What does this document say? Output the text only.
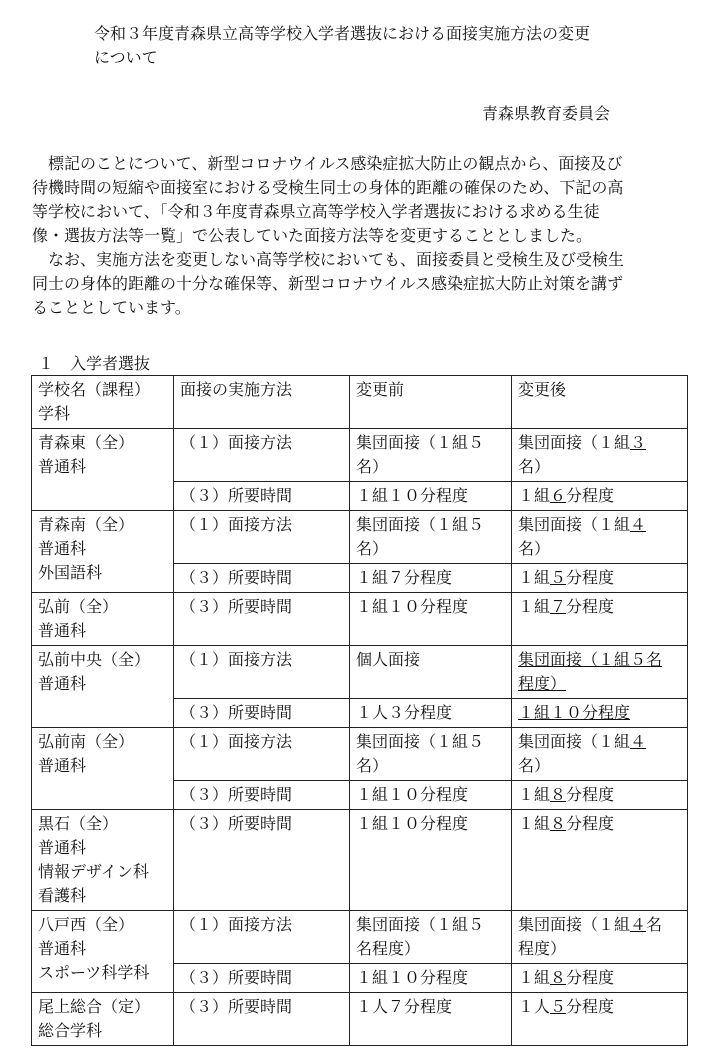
令和３年度青森県立高等学校入学者選抜における面接実施方法の変更
について
青森県教育委員会
　標記のことについて、新型コロナウイルス感染症拡大防止の観点から、面接及び
待機時間の短縮や面接室における受検生同士の身体的距離の確保のため、下記の高
等学校において、「令和３年度青森県立高等学校入学者選抜における求める生徒
像・選抜方法等一覧」で公表していた面接方法等を変更することとしました。
　なお、実施方法を変更しない高等学校においても、面接委員と受検生及び受検生
同士の身体的距離の十分な確保等、新型コロナウイルス感染症拡大防止対策を講ず
ることとしています。
１　入学者選抜
学校名（課程）
学科	面接の実施方法	変更前	変更後

青森東（全）
普通科	（１）面接方法	集団面接（１組５
名）	集団面接（１組３
名）

	（３）所要時間	１組１０分程度	１組６分程度

青森南（全）
普通科
外国語科	（１）面接方法	集団面接（１組５
名）	集団面接（１組４
名）

	（３）所要時間	１組７分程度	１組５分程度

弘前（全）
普通科	（３）所要時間	１組１０分程度	１組７分程度

弘前中央（全）
普通科	（１）面接方法	個人面接	集団面接（１組５名
程度）

	（３）所要時間	１人３分程度	１組１０分程度

弘前南（全）
普通科	（１）面接方法	集団面接（１組５
名）	集団面接（１組４
名）

	（３）所要時間	１組１０分程度	１組８分程度

黒石（全）
普通科
情報デザイン科
看護科	（３）所要時間	１組１０分程度	１組８分程度

八戸西（全）
普通科
スポーツ科学科	（１）面接方法	集団面接（１組５
名程度）	集団面接（１組４名
程度）

	（３）所要時間	１組１０分程度	１組８分程度

尾上総合（定）
総合学科	（３）所要時間	１人７分程度	１人５分程度
